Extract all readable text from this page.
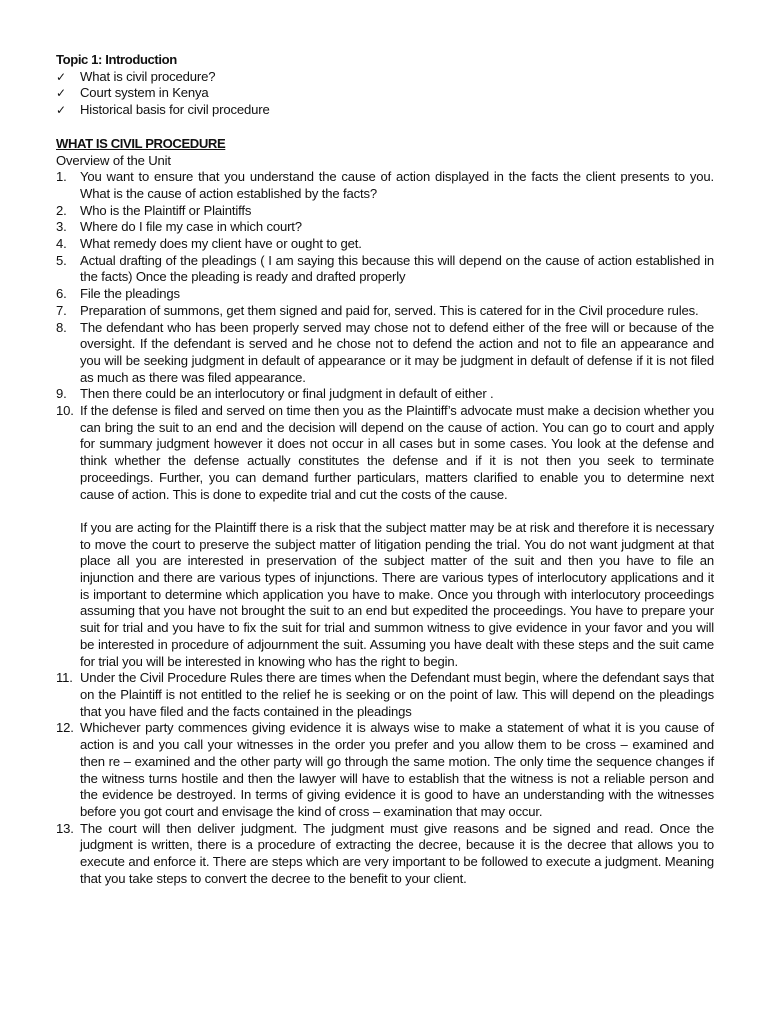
Topic 1: Introduction

✓	What is civil procedure?
✓	Court system in Kenya
✓	Historical basis for civil procedure

WHAT IS CIVIL PROCEDURE

Overview of the Unit

1.	You want to ensure that you understand the cause of action displayed in the facts the client presents to you. What is the cause of action established by the facts?

2.	Who is the Plaintiff or Plaintiffs

3.	Where do I file my case in which court?

4.	What remedy does my client have or ought to get.

5.	Actual drafting of the pleadings ( I am saying this because this will depend on the cause of action established in the facts) Once the pleading is ready and drafted properly

6.	File the pleadings

7.	Preparation of summons, get them signed and paid for, served. This is catered for in the Civil procedure rules.

8.	The defendant who has been properly served may chose not to defend either of the free will or because of the oversight. If the defendant is served and he chose not to defend the action and not to file an appearance and you will be seeking judgment in default of appearance or it may be judgment in default of defense if it is not filed as much as there was filed appearance.

9.	Then there could be an interlocutory or final judgment in default of either .

10. If the defense is filed and served on time then you as the Plaintiff’s advocate must make a decision whether you can bring the suit to an end and the decision will depend on the cause of action. You can go to court and apply for summary judgment however it does not occur in all cases but in some cases. You look at the defense and think whether the defense actually constitutes the defense and if it is not then you seek to terminate proceedings. Further, you can demand further particulars, matters clarified to enable you to determine next cause of action. This is done to expedite trial and cut the costs of the cause.

If you are acting for the Plaintiff there is a risk that the subject matter may be at risk and therefore it is necessary to move the court to preserve the subject matter of litigation pending the trial. You do not want judgment at that place all you are interested in preservation of the subject matter of the suit and then you have to file an injunction and there are various types of injunctions. There are various types of interlocutory applications and it is important to determine which application you have to make. Once you through with interlocutory proceedings assuming that you have not brought the suit to an end but expedited the proceedings. You have to prepare your suit for trial and you have to fix the suit for trial and summon witness to give evidence in your favor and you will be interested in procedure of adjournment the suit. Assuming you have dealt with these steps and the suit came for trial you will be interested in knowing who has the right to begin.

11. Under the Civil Procedure Rules there are times when the Defendant must begin, where the defendant says that on the Plaintiff is not entitled to the relief he is seeking or on the point of law. This will depend on the pleadings that you have filed and the facts contained in the pleadings

12. Whichever party commences giving evidence it is always wise to make a statement of what it is you cause of action is and you call your witnesses in the order you prefer and you allow them to be cross – examined and then re – examined and the other party will go through the same motion. The only time the sequence changes if the witness turns hostile and then the lawyer will have to establish that the witness is not a reliable person and the evidence be destroyed. In terms of giving evidence it is good to have an understanding with the witnesses before you got court and envisage the kind of cross – examination that may occur.

13. The court will then deliver judgment. The judgment must give reasons and be signed and read. Once the judgment is written, there is a procedure of extracting the decree, because it is the decree that allows you to execute and enforce it. There are steps which are very important to be followed to execute a judgment. Meaning that you take steps to convert the decree to the benefit to your client.
